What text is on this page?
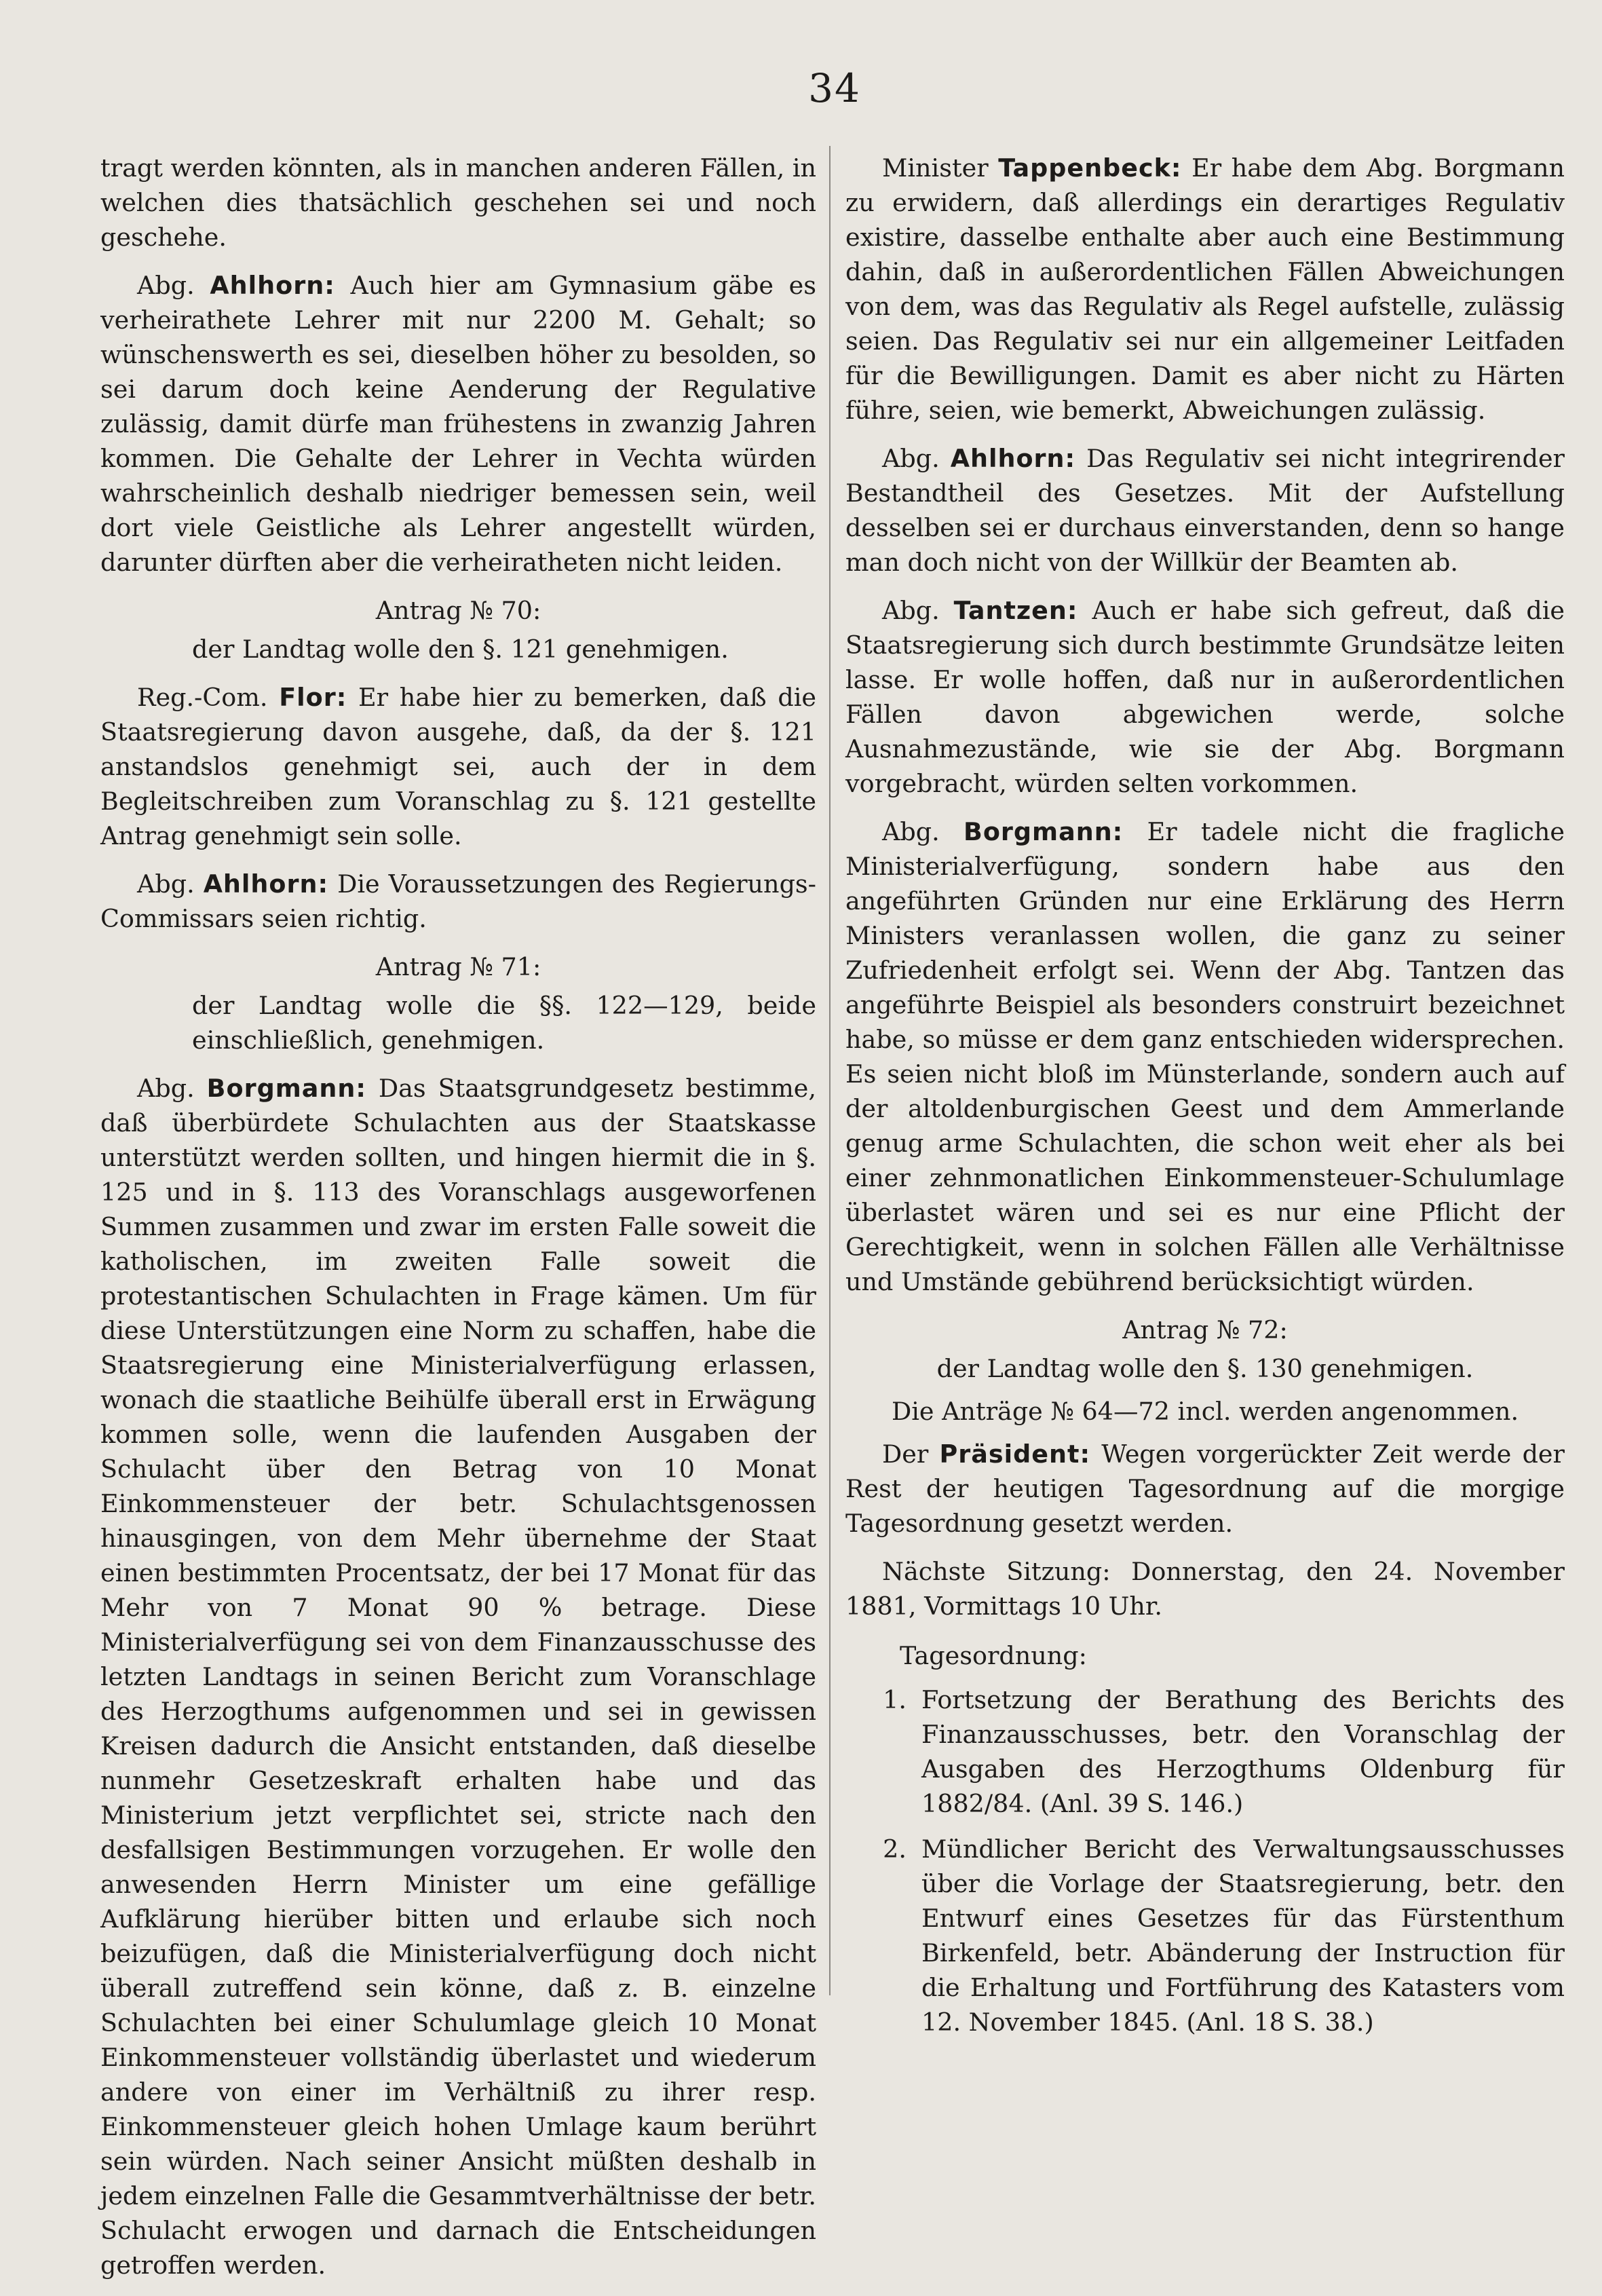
34

tragt werden könnten, als in manchen anderen Fällen, in welchen dies thatsächlich geschehen sei und noch geschehe.

Abg. Ahlhorn: Auch hier am Gymnasium gäbe es verheirathete Lehrer mit nur 2200 M. Gehalt; so wünschenswerth es sei, dieselben höher zu besolden, so sei darum doch keine Aenderung der Regulative zulässig, damit dürfe man frühestens in zwanzig Jahren kommen. Die Gehalte der Lehrer in Vechta würden wahrscheinlich deshalb niedriger bemessen sein, weil dort viele Geistliche als Lehrer angestellt würden, darunter dürften aber die verheiratheten nicht leiden.

Antrag № 70:
der Landtag wolle den §. 121 genehmigen.

Reg.-Com. Flor: Er habe hier zu bemerken, daß die Staatsregierung davon ausgehe, daß, da der §. 121 anstandslos genehmigt sei, auch der in dem Begleitschreiben zum Voranschlag zu §. 121 gestellte Antrag genehmigt sein solle.

Abg. Ahlhorn: Die Voraussetzungen des Regierungs-Commissars seien richtig.

Antrag № 71:
der Landtag wolle die §§. 122—129, beide einschließlich, genehmigen.

Abg. Borgmann: Das Staatsgrundgesetz bestimme, daß überbürdete Schulachten aus der Staatskasse unterstützt werden sollten, und hingen hiermit die in §. 125 und in §. 113 des Voranschlags ausgeworfenen Summen zusammen und zwar im ersten Falle soweit die katholischen, im zweiten Falle soweit die protestantischen Schulachten in Frage kämen. Um für diese Unterstützungen eine Norm zu schaffen, habe die Staatsregierung eine Ministerialverfügung erlassen, wonach die staatliche Beihülfe überall erst in Erwägung kommen solle, wenn die laufenden Ausgaben der Schulacht über den Betrag von 10 Monat Einkommensteuer der betr. Schulachtsgenossen hinausgingen, von dem Mehr übernehme der Staat einen bestimmten Procentsatz, der bei 17 Monat für das Mehr von 7 Monat 90 % betrage. Diese Ministerialverfügung sei von dem Finanzausschusse des letzten Landtags in seinen Bericht zum Voranschlage des Herzogthums aufgenommen und sei in gewissen Kreisen dadurch die Ansicht entstanden, daß dieselbe nunmehr Gesetzeskraft erhalten habe und das Ministerium jetzt verpflichtet sei, stricte nach den desfallsigen Bestimmungen vorzugehen. Er wolle den anwesenden Herrn Minister um eine gefällige Aufklärung hierüber bitten und erlaube sich noch beizufügen, daß die Ministerialverfügung doch nicht überall zutreffend sein könne, daß z. B. einzelne Schulachten bei einer Schulumlage gleich 10 Monat Einkommensteuer vollständig überlastet und wiederum andere von einer im Verhältniß zu ihrer resp. Einkommensteuer gleich hohen Umlage kaum berührt sein würden. Nach seiner Ansicht müßten deshalb in jedem einzelnen Falle die Gesammtverhältnisse der betr. Schulacht erwogen und darnach die Entscheidungen getroffen werden.

Minister Tappenbeck: Er habe dem Abg. Borgmann zu erwidern, daß allerdings ein derartiges Regulativ existire, dasselbe enthalte aber auch eine Bestimmung dahin, daß in außerordentlichen Fällen Abweichungen von dem, was das Regulativ als Regel aufstelle, zulässig seien. Das Regulativ sei nur ein allgemeiner Leitfaden für die Bewilligungen. Damit es aber nicht zu Härten führe, seien, wie bemerkt, Abweichungen zulässig.

Abg. Ahlhorn: Das Regulativ sei nicht integrirender Bestandtheil des Gesetzes. Mit der Aufstellung desselben sei er durchaus einverstanden, denn so hange man doch nicht von der Willkür der Beamten ab.

Abg. Tantzen: Auch er habe sich gefreut, daß die Staatsregierung sich durch bestimmte Grundsätze leiten lasse. Er wolle hoffen, daß nur in außerordentlichen Fällen davon abgewichen werde, solche Ausnahmezustände, wie sie der Abg. Borgmann vorgebracht, würden selten vorkommen.

Abg. Borgmann: Er tadele nicht die fragliche Ministerialverfügung, sondern habe aus den angeführten Gründen nur eine Erklärung des Herrn Ministers veranlassen wollen, die ganz zu seiner Zufriedenheit erfolgt sei. Wenn der Abg. Tantzen das angeführte Beispiel als besonders construirt bezeichnet habe, so müsse er dem ganz entschieden widersprechen. Es seien nicht bloß im Münsterlande, sondern auch auf der altoldenburgischen Geest und dem Ammerlande genug arme Schulachten, die schon weit eher als bei einer zehnmonatlichen Einkommensteuer-Schulumlage überlastet wären und sei es nur eine Pflicht der Gerechtigkeit, wenn in solchen Fällen alle Verhältnisse und Umstände gebührend berücksichtigt würden.

Antrag № 72:
der Landtag wolle den §. 130 genehmigen.
Die Anträge № 64—72 incl. werden angenommen.

Der Präsident: Wegen vorgerückter Zeit werde der Rest der heutigen Tagesordnung auf die morgige Tagesordnung gesetzt werden.

Nächste Sitzung: Donnerstag, den 24. November 1881, Vormittags 10 Uhr.

Tagesordnung:
1. Fortsetzung der Berathung des Berichts des Finanzausschusses, betr. den Voranschlag der Ausgaben des Herzogthums Oldenburg für 1882/84. (Anl. 39 S. 146.)
2. Mündlicher Bericht des Verwaltungsausschusses über die Vorlage der Staatsregierung, betr. den Entwurf eines Gesetzes für das Fürstenthum Birkenfeld, betr. Abänderung der Instruction für die Erhaltung und Fortführung des Katasters vom 12. November 1845. (Anl. 18 S. 38.)
